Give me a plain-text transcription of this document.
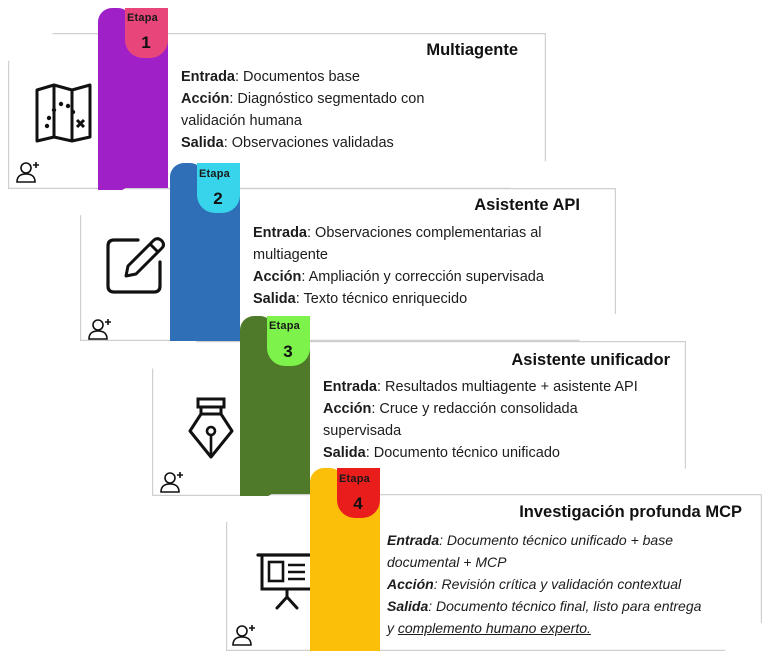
Etapa
1	Multiagente
Entrada: Documentos base
Acción: Diagnóstico segmentado con
validación humana
Salida: Observaciones validadas
Etapa
2	Asistente API
Entrada: Observaciones complementarias al
multiagente
Acción: Ampliación y corrección supervisada
Salida: Texto técnico enriquecido
Etapa
3	Asistente unificador
Entrada: Resultados multiagente + asistente API
Acción: Cruce y redacción consolidada
supervisada
Salida: Documento técnico unificado
Etapa
4	Investigación profunda MCP
Entrada: Documento técnico unificado + base
documental + MCP
Acción: Revisión crítica y validación contextual
Salida: Documento técnico final, listo para entrega
y complemento humano experto.
